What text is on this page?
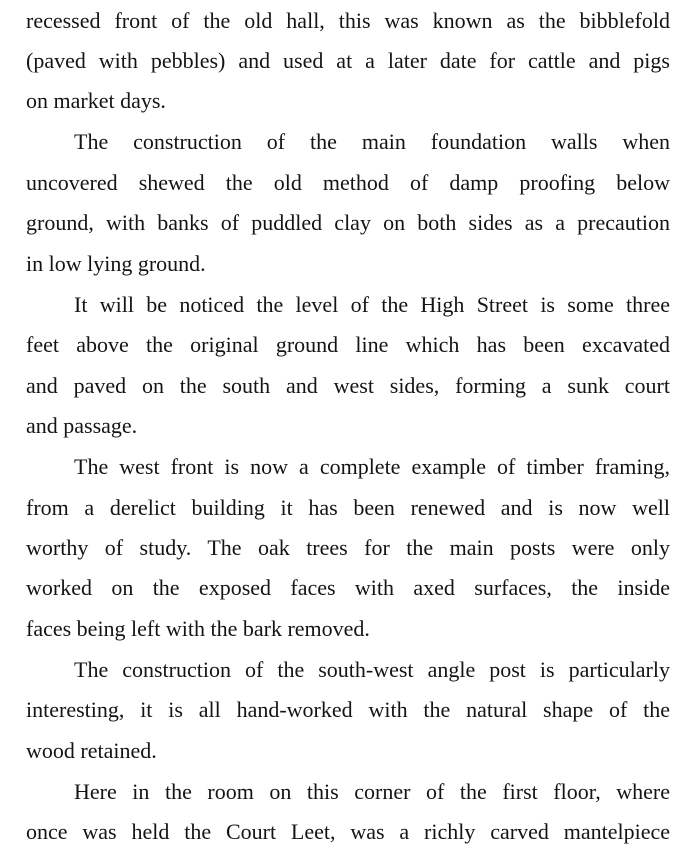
recessed front of the old hall, this was known as the bibblefold
(paved with pebbles) and used at a later date for cattle and pigs
on market days.
The construction of the main foundation walls when
uncovered shewed the old method of damp proofing below
ground, with banks of puddled clay on both sides as a precaution
in low lying ground.
It will be noticed the level of the High Street is some three
feet above the original ground line which has been excavated
and paved on the south and west sides, forming a sunk court
and passage.
The west front is now a complete example of timber framing,
from a derelict building it has been renewed and is now well
worthy of study. The oak trees for the main posts were only
worked on the exposed faces with axed surfaces, the inside
faces being left with the bark removed.
The construction of the south-west angle post is particularly
interesting, it is all hand-worked with the natural shape of the
wood retained.
Here in the room on this corner of the first floor, where
once was held the Court Leet, was a richly carved mantelpiece
